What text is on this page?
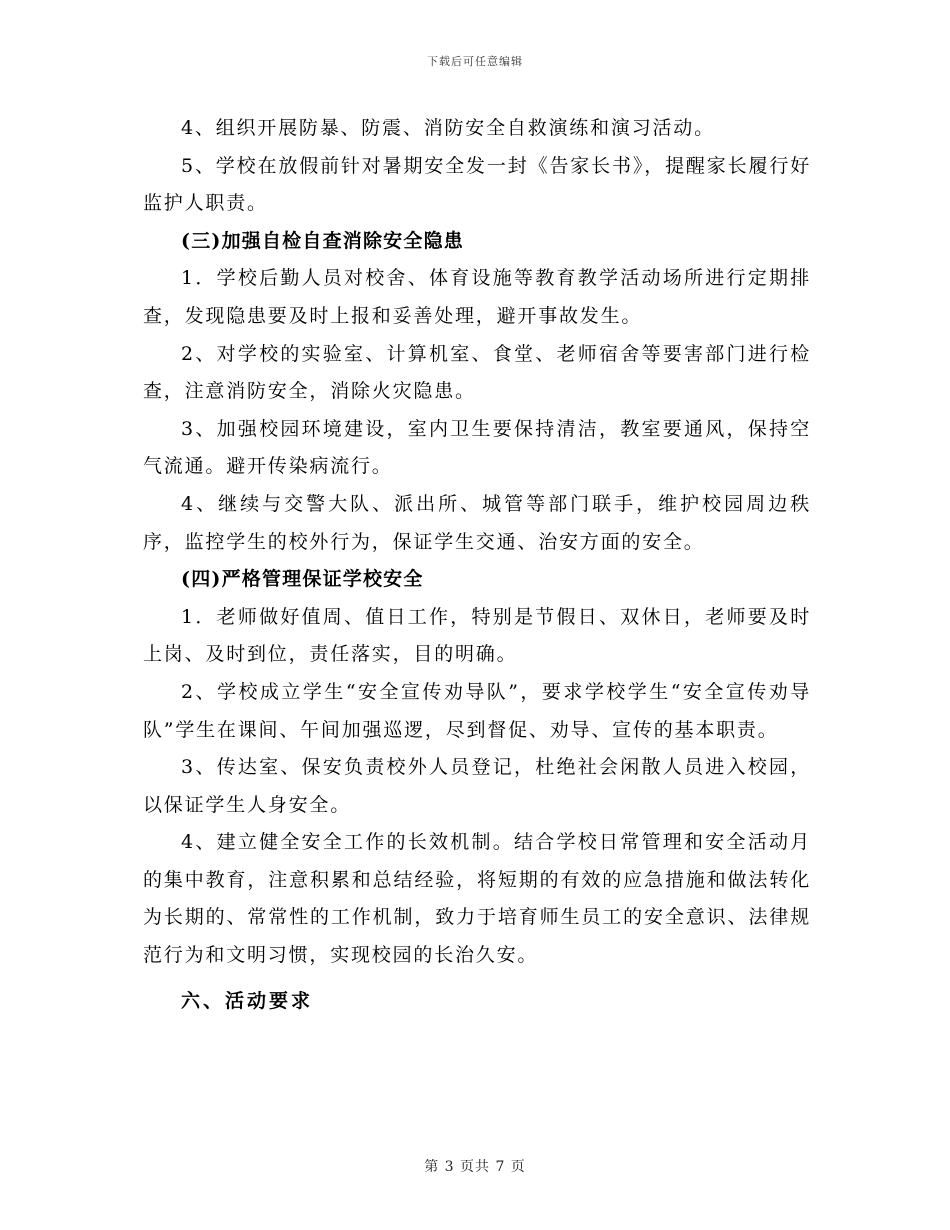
下载后可任意编辑

4、组织开展防暴、防震、消防安全自救演练和演习活动。

5、学校在放假前针对暑期安全发一封《告家长书》，提醒家长履行好监护人职责。

(三)加强自检自查消除安全隐患

1．学校后勤人员对校舍、体育设施等教育教学活动场所进行定期排查，发现隐患要及时上报和妥善处理，避开事故发生。

2、对学校的实验室、计算机室、食堂、老师宿舍等要害部门进行检查，注意消防安全，消除火灾隐患。

3、加强校园环境建设，室内卫生要保持清洁，教室要通风，保持空气流通。避开传染病流行。

4、继续与交警大队、派出所、城管等部门联手，维护校园周边秩序，监控学生的校外行为，保证学生交通、治安方面的安全。

(四)严格管理保证学校安全

1．老师做好值周、值日工作，特别是节假日、双休日，老师要及时上岗、及时到位，责任落实，目的明确。

2、学校成立学生“安全宣传劝导队”，要求学校学生“安全宣传劝导队”学生在课间、午间加强巡逻，尽到督促、劝导、宣传的基本职责。

3、传达室、保安负责校外人员登记，杜绝社会闲散人员进入校园，以保证学生人身安全。

4、建立健全安全工作的长效机制。结合学校日常管理和安全活动月的集中教育，注意积累和总结经验，将短期的有效的应急措施和做法转化为长期的、常常性的工作机制，致力于培育师生员工的安全意识、法律规范行为和文明习惯，实现校园的长治久安。

六、活动要求

第 3 页共 7 页
